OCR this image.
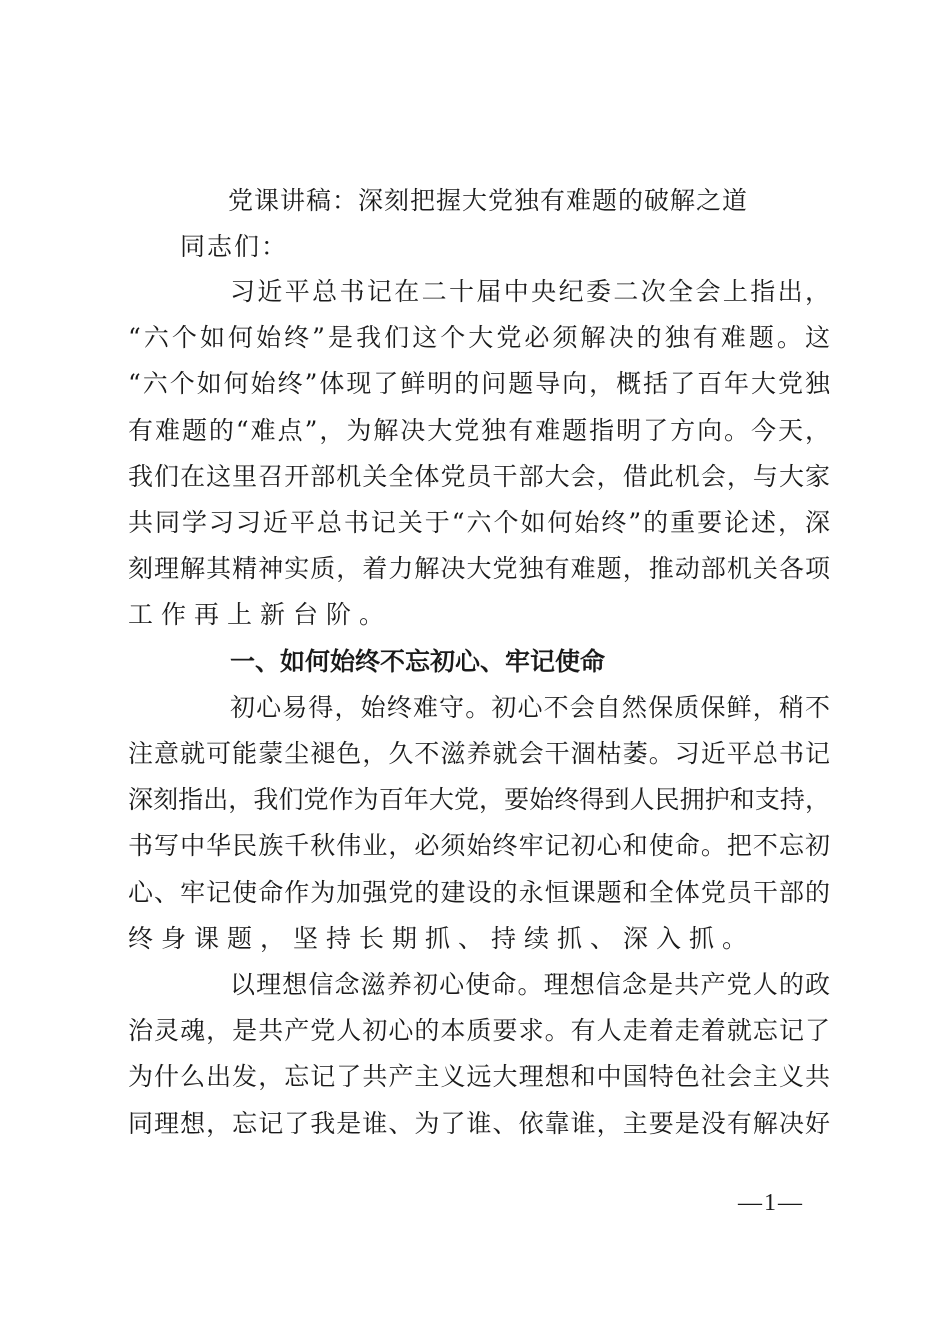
党课讲稿：深刻把握大党独有难题的破解之道
同志们：
—1—
习近平总书记在二十届中央纪委二次全会上指出，
“六个如何始终”是我们这个大党必须解决的独有难题。这
“六个如何始终”体现了鲜明的问题导向，概括了百年大党独
有难题的“难点”，为解决大党独有难题指明了方向。今天，
我们在这里召开部机关全体党员干部大会，借此机会，与大家
共同学习习近平总书记关于“六个如何始终”的重要论述，深
刻理解其精神实质，着力解决大党独有难题，推动部机关各项
工作再上新台阶。
一、如何始终不忘初心、牢记使命
初心易得，始终难守。初心不会自然保质保鲜，稍不
注意就可能蒙尘褪色，久不滋养就会干涸枯萎。习近平总书记
深刻指出，我们党作为百年大党，要始终得到人民拥护和支持，
书写中华民族千秋伟业，必须始终牢记初心和使命。把不忘初
心、牢记使命作为加强党的建设的永恒课题和全体党员干部的
终身课题，坚持长期抓、持续抓、深入抓。
以理想信念滋养初心使命。理想信念是共产党人的政
治灵魂，是共产党人初心的本质要求。有人走着走着就忘记了
为什么出发，忘记了共产主义远大理想和中国特色社会主义共
同理想，忘记了我是谁、为了谁、依靠谁，主要是没有解决好
